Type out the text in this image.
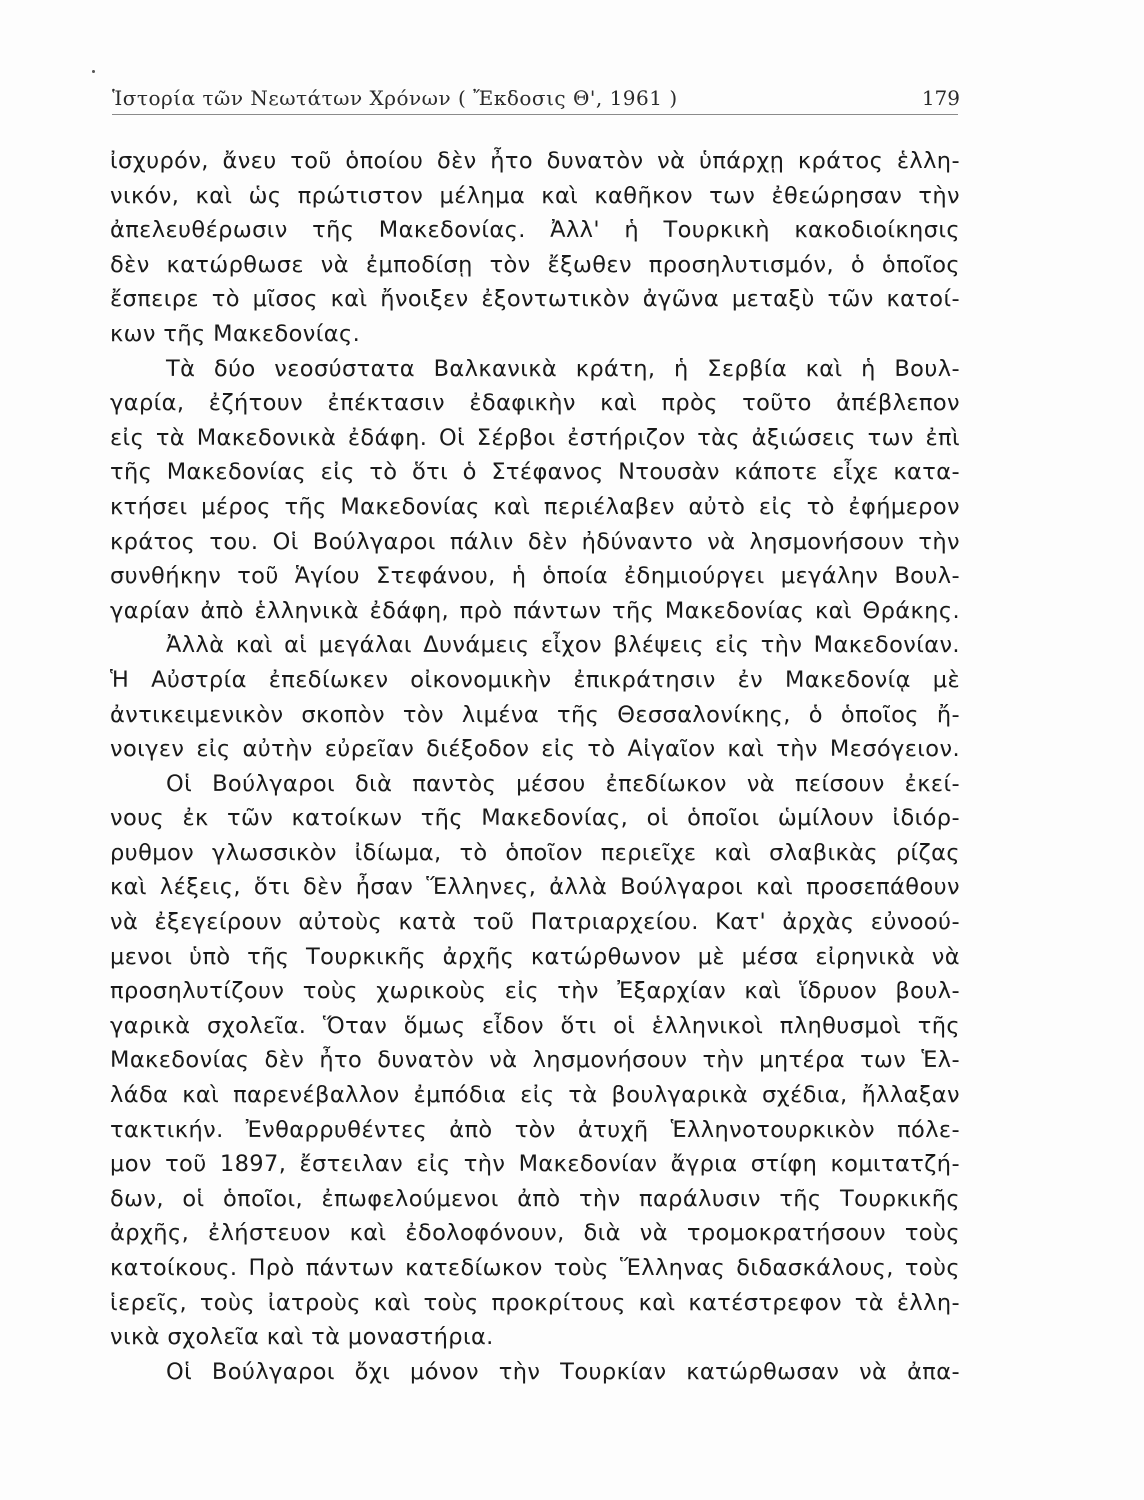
Ἱστορία τῶν Νεωτάτων Χρόνων ( Ἔκδοσις Θ', 1961 )	179
ἰσχυρόν, ἄνευ τοῦ ὁποίου δὲν ἦτο δυνατὸν νὰ ὑπάρχῃ κράτος ἑλλη-
νικόν, καὶ ὡς πρώτιστον μέλημα καὶ καθῆκον των ἐθεώρησαν τὴν
ἀπελευθέρωσιν τῆς Μακεδονίας. Ἀλλ' ἡ Τουρκικὴ κακοδιοίκησις
δὲν κατώρθωσε νὰ ἐμποδίσῃ τὸν ἔξωθεν προσηλυτισμόν, ὁ ὁποῖος
ἔσπειρε τὸ μῖσος καὶ ἤνοιξεν ἐξοντωτικὸν ἀγῶνα μεταξὺ τῶν κατοί-
κων τῆς Μακεδονίας.
Τὰ δύο νεοσύστατα Βαλκανικὰ κράτη, ἡ Σερβία καὶ ἡ Βουλ-
γαρία, ἐζήτουν ἐπέκτασιν ἐδαφικὴν καὶ πρὸς τοῦτο ἀπέβλεπον
εἰς τὰ Μακεδονικὰ ἐδάφη. Οἱ Σέρβοι ἐστήριζον τὰς ἀξιώσεις των ἐπὶ
τῆς Μακεδονίας εἰς τὸ ὅτι ὁ Στέφανος Ντουσὰν κάποτε εἶχε κατα-
κτήσει μέρος τῆς Μακεδονίας καὶ περιέλαβεν αὐτὸ εἰς τὸ ἐφήμερον
κράτος του. Οἱ Βούλγαροι πάλιν δὲν ἠδύναντο νὰ λησμονήσουν τὴν
συνθήκην τοῦ Ἁγίου Στεφάνου, ἡ ὁποία ἐδημιούργει μεγάλην Βουλ-
γαρίαν ἀπὸ ἑλληνικὰ ἐδάφη, πρὸ πάντων τῆς Μακεδονίας καὶ Θράκης.
Ἀλλὰ καὶ αἱ μεγάλαι Δυνάμεις εἶχον βλέψεις εἰς τὴν Μακεδονίαν.
Ἡ Αὐστρία ἐπεδίωκεν οἰκονομικὴν ἐπικράτησιν ἐν Μακεδονίᾳ μὲ
ἀντικειμενικὸν σκοπὸν τὸν λιμένα τῆς Θεσσαλονίκης, ὁ ὁποῖος ἤ-
νοιγεν εἰς αὐτὴν εὐρεῖαν διέξοδον εἰς τὸ Αἰγαῖον καὶ τὴν Μεσόγειον.
Οἱ Βούλγαροι διὰ παντὸς μέσου ἐπεδίωκον νὰ πείσουν ἐκεί-
νους ἐκ τῶν κατοίκων τῆς Μακεδονίας, οἱ ὁποῖοι ὡμίλουν ἰδιόρ-
ρυθμον γλωσσικὸν ἰδίωμα, τὸ ὁποῖον περιεῖχε καὶ σλαβικὰς ρίζας
καὶ λέξεις, ὅτι δὲν ἦσαν Ἕλληνες, ἀλλὰ Βούλγαροι καὶ προσεπάθουν
νὰ ἐξεγείρουν αὐτοὺς κατὰ τοῦ Πατριαρχείου. Κατ' ἀρχὰς εὐνοού-
μενοι ὑπὸ τῆς Τουρκικῆς ἀρχῆς κατώρθωνον μὲ μέσα εἰρηνικὰ νὰ
προσηλυτίζουν τοὺς χωρικοὺς εἰς τὴν Ἐξαρχίαν καὶ ἵδρυον βουλ-
γαρικὰ σχολεῖα. Ὅταν ὅμως εἶδον ὅτι οἱ ἑλληνικοὶ πληθυσμοὶ τῆς
Μακεδονίας δὲν ἦτο δυνατὸν νὰ λησμονήσουν τὴν μητέρα των Ἑλ-
λάδα καὶ παρενέβαλλον ἐμπόδια εἰς τὰ βουλγαρικὰ σχέδια, ἤλλαξαν
τακτικήν. Ἐνθαρρυθέντες ἀπὸ τὸν ἀτυχῆ Ἑλληνοτουρκικὸν πόλε-
μον τοῦ 1897, ἔστειλαν εἰς τὴν Μακεδονίαν ἄγρια στίφη κομιτατζή-
δων, οἱ ὁποῖοι, ἐπωφελούμενοι ἀπὸ τὴν παράλυσιν τῆς Τουρκικῆς
ἀρχῆς, ἐλήστευον καὶ ἐδολοφόνουν, διὰ νὰ τρομοκρατήσουν τοὺς
κατοίκους. Πρὸ πάντων κατεδίωκον τοὺς Ἕλληνας διδασκάλους, τοὺς
ἱερεῖς, τοὺς ἰατροὺς καὶ τοὺς προκρίτους καὶ κατέστρεφον τὰ ἑλλη-
νικὰ σχολεῖα καὶ τὰ μοναστήρια.
Οἱ Βούλγαροι ὄχι μόνον τὴν Τουρκίαν κατώρθωσαν νὰ ἀπα-
